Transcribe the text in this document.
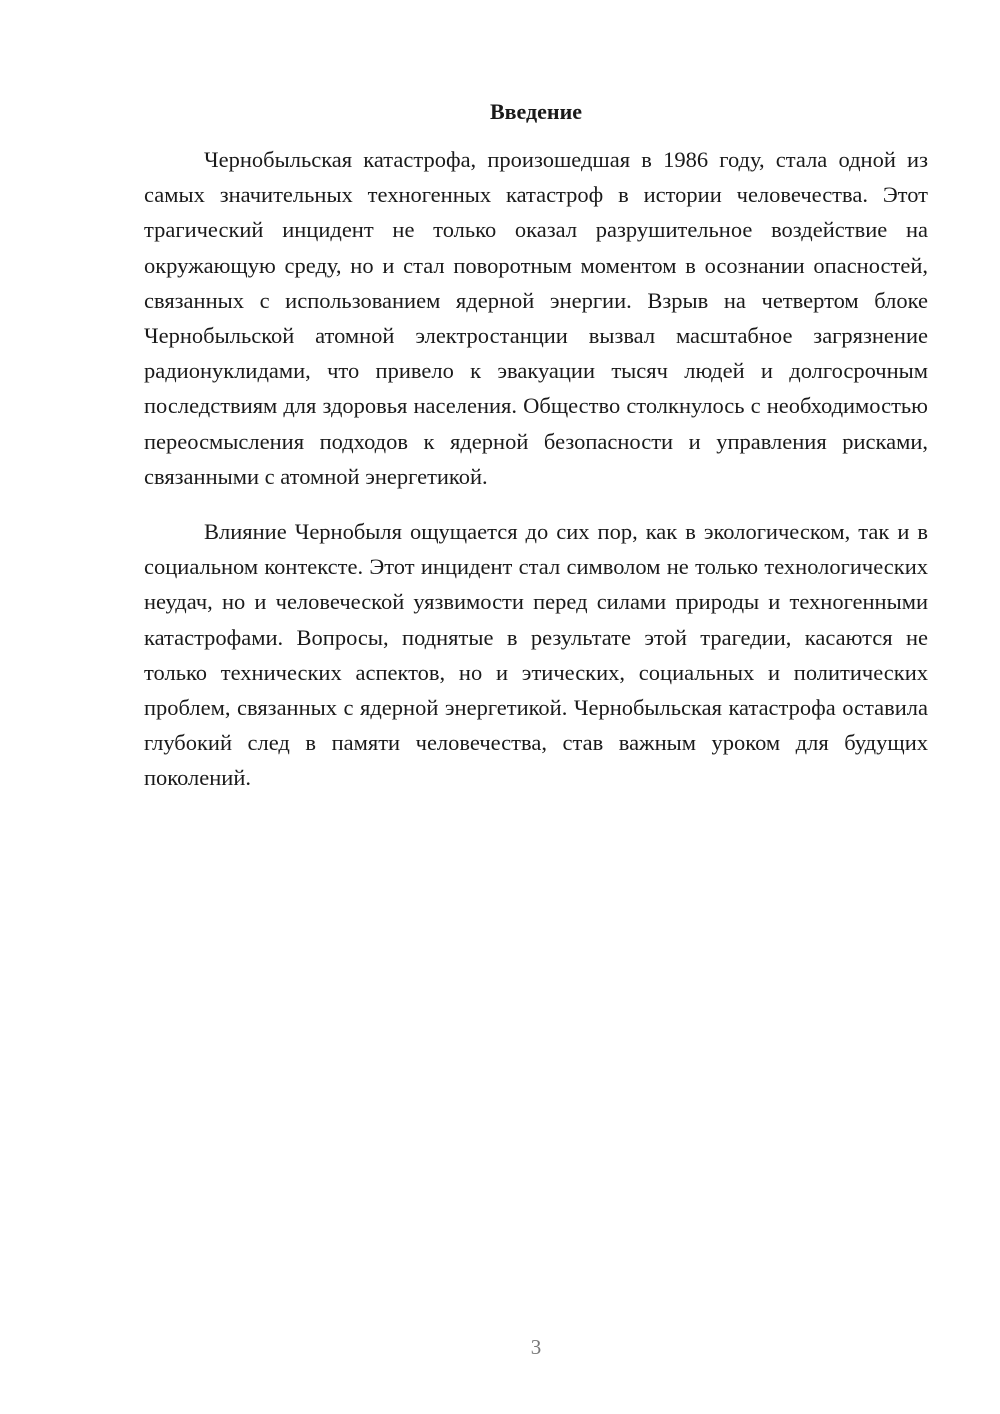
Введение

Чернобыльская катастрофа, произошедшая в 1986 году, стала одной из самых значительных техногенных катастроф в истории человечества. Этот трагический инцидент не только оказал разрушительное воздействие на окружающую среду, но и стал поворотным моментом в осознании опасностей, связанных с использованием ядерной энергии. Взрыв на четвертом блоке Чернобыльской атомной электростанции вызвал масштабное загрязнение радионуклидами, что привело к эвакуации тысяч людей и долгосрочным последствиям для здоровья населения. Общество столкнулось с необходимостью переосмысления подходов к ядерной безопасности и управления рисками, связанными с атомной энергетикой.

Влияние Чернобыля ощущается до сих пор, как в экологическом, так и в социальном контексте. Этот инцидент стал символом не только технологических неудач, но и человеческой уязвимости перед силами природы и техногенными катастрофами. Вопросы, поднятые в результате этой трагедии, касаются не только технических аспектов, но и этических, социальных и политических проблем, связанных с ядерной энергетикой. Чернобыльская катастрофа оставила глубокий след в памяти человечества, став важным уроком для будущих поколений.

3
